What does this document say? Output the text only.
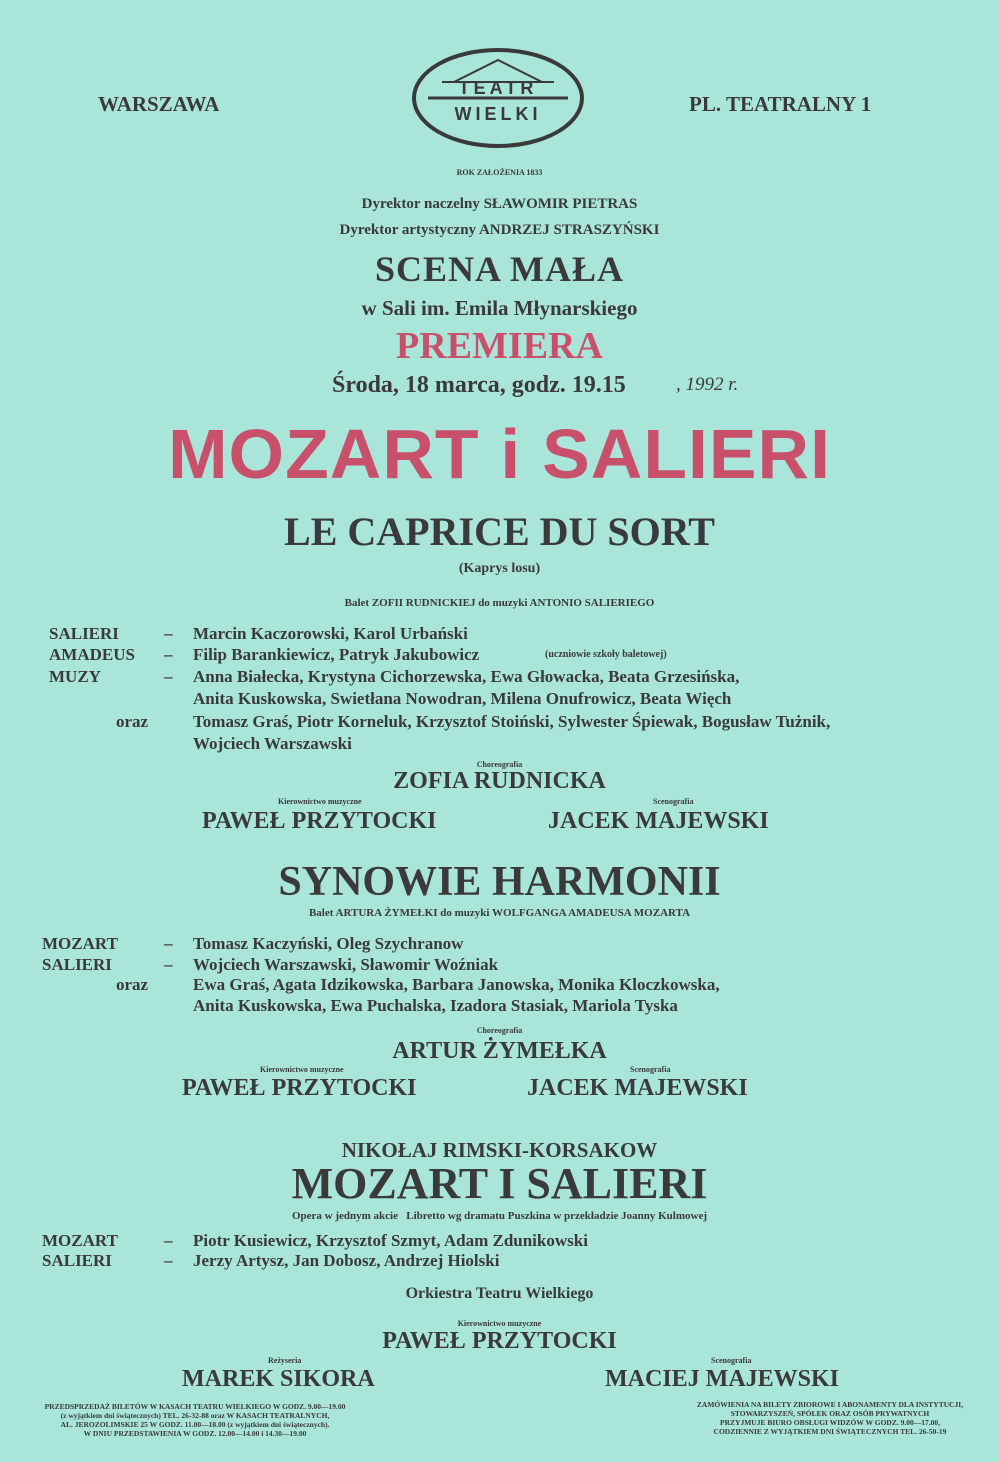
WARSZAWA	PL. TEATRALNY 1
TEATR
WIELKI
ROK ZAŁOŻENIA 1833
Dyrektor naczelny SŁAWOMIR PIETRAS
Dyrektor artystyczny ANDRZEJ STRASZYŃSKI
SCENA MAŁA
w Sali im. Emila Młynarskiego
PREMIERA
Środa, 18 marca, godz. 19.15	, 1992 r.
MOZART i SALIERI
LE CAPRICE DU SORT
(Kaprys losu)
Balet ZOFII RUDNICKIEJ do muzyki ANTONIO SALIERIEGO
SALIERI	– Marcin Kaczorowski, Karol Urbański
AMADEUS – Filip Barankiewicz, Patryk Jakubowicz	(uczniowie szkoły baletowej)
MUZY	– Anna Białecka, Krystyna Cichorzewska, Ewa Głowacka, Beata Grzesińska,
Anita Kuskowska, Swietłana Nowodran, Milena Onufrowicz, Beata Więch
oraz	Tomasz Graś, Piotr Korneluk, Krzysztof Stoiński, Sylwester Śpiewak, Bogusław Tużnik,
Wojciech Warszawski
Choreografia
ZOFIA RUDNICKA
Kierownictwo muzyczne	Scenografia
PAWEŁ PRZYTOCKI	JACEK MAJEWSKI
SYNOWIE HARMONII
Balet ARTURA ŻYMEŁKI do muzyki WOLFGANGA AMADEUSA MOZARTA
MOZART	– Tomasz Kaczyński, Oleg Szychranow
SALIERI	– Wojciech Warszawski, Sławomir Woźniak
oraz	Ewa Graś, Agata Idzikowska, Barbara Janowska, Monika Kloczkowska,
Anita Kuskowska, Ewa Puchalska, Izadora Stasiak, Mariola Tyska
Choreografia
ARTUR ŻYMEŁKA
Kierownictwo muzyczne	Scenografia
PAWEŁ PRZYTOCKI	JACEK MAJEWSKI
NIKOŁAJ RIMSKI-KORSAKOW
MOZART I SALIERI
Opera w jednym akcie   Libretto wg dramatu Puszkina w przekładzie Joanny Kulmowej
MOZART	– Piotr Kusiewicz, Krzysztof Szmyt, Adam Zdunikowski
SALIERI	– Jerzy Artysz, Jan Dobosz, Andrzej Hiolski
Orkiestra Teatru Wielkiego
Kierownictwo muzyczne
PAWEŁ PRZYTOCKI
Reżyseria	Scenografia
MAREK SIKORA	MACIEJ MAJEWSKI
PRZEDSPRZEDAŻ BILETÓW W KASACH TEATRU WIELKIEGO W GODZ. 9.00—19.00
(z wyjątkiem dni świątecznych) TEL. 26-32-88 oraz W KASACH TEATRALNYCH,
AL. JEROZOLIMSKIE 25 W GODZ. 11.00—18.00 (z wyjątkiem dni świątecznych).
W DNIU PRZEDSTAWIENIA W GODZ. 12.00—14.00 i 14.30—19.00
ZAMÓWIENIA NA BILETY ZBIOROWE I ABONAMENTY DLA INSTYTUCJI,
STOWARZYSZEŃ, SPÓŁEK ORAZ OSÓB PRYWATNYCH
PRZYJMUJE BIURO OBSŁUGI WIDZÓW W GODZ. 9.00—17.00,
CODZIENNIE Z WYJĄTKIEM DNI ŚWIĄTECZNYCH TEL. 26-50-19
